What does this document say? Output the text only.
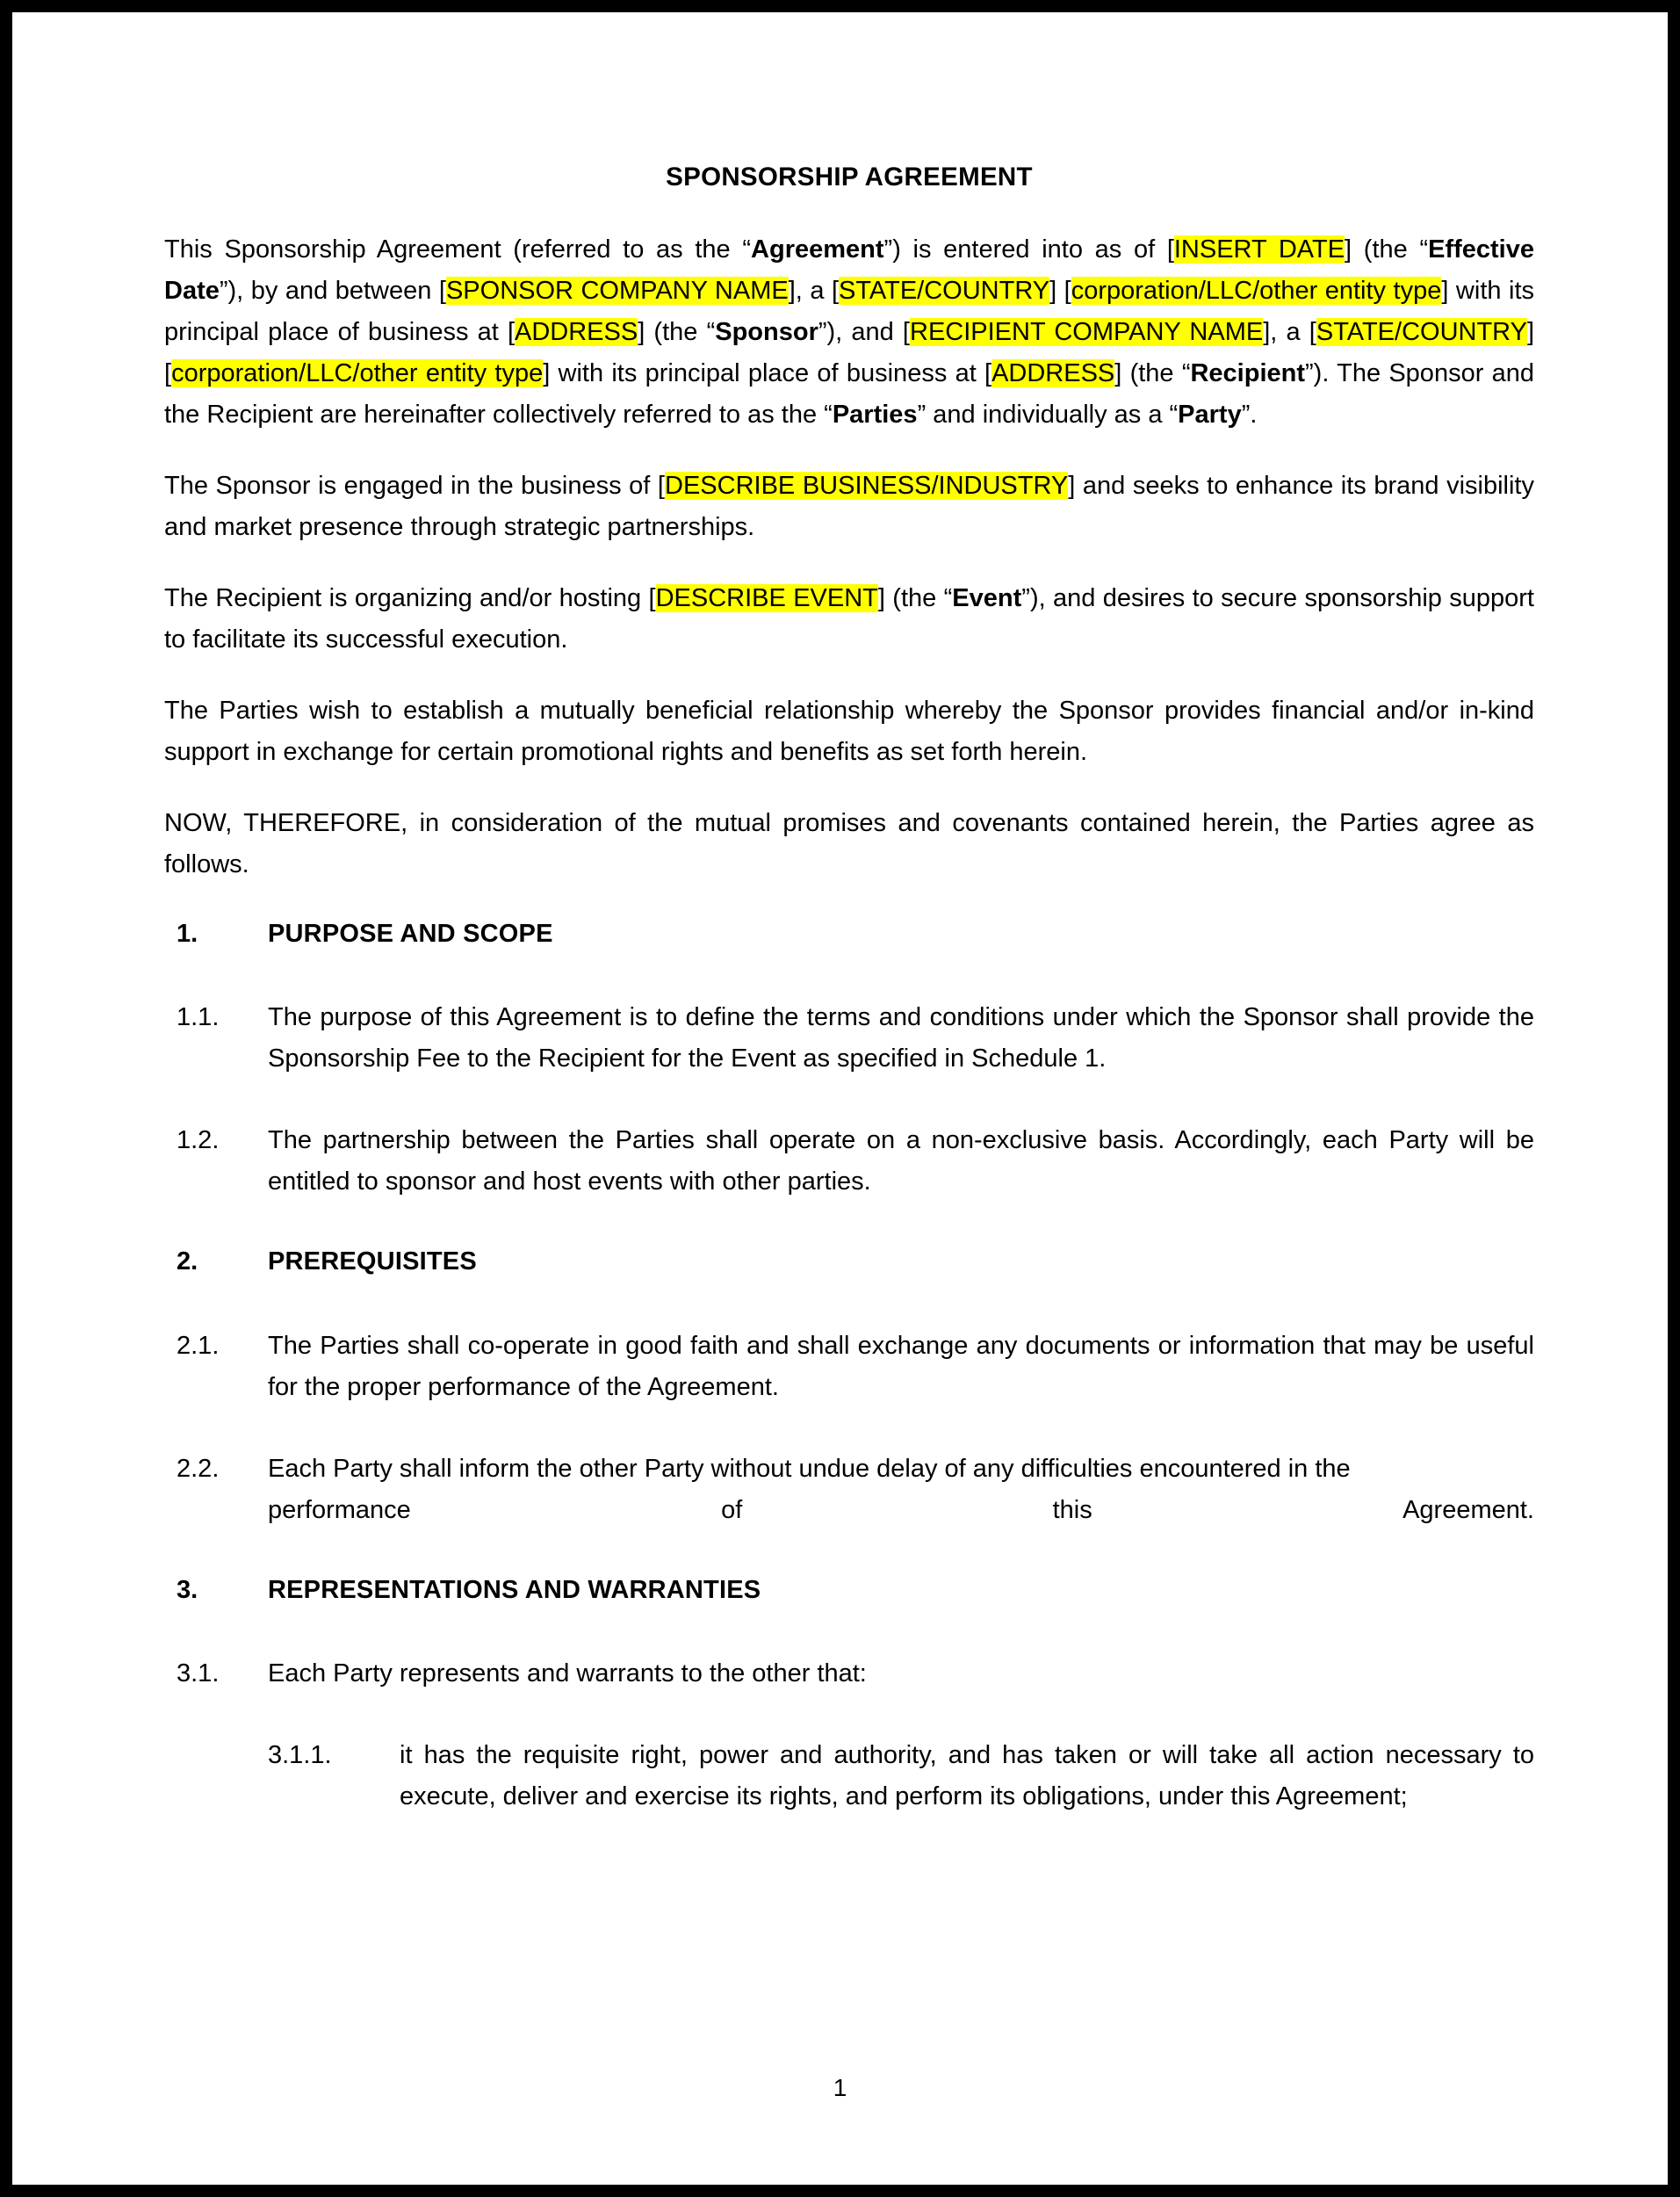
SPONSORSHIP AGREEMENT

This Sponsorship Agreement (referred to as the “Agreement”) is entered into as of [INSERT DATE] (the “Effective Date”), by and between [SPONSOR COMPANY NAME], a [STATE/COUNTRY] [corporation/LLC/other entity type] with its principal place of business at [ADDRESS] (the “Sponsor”), and [RECIPIENT COMPANY NAME], a [STATE/COUNTRY] [corporation/LLC/other entity type] with its principal place of business at [ADDRESS] (the “Recipient”). The Sponsor and the Recipient are hereinafter collectively referred to as the “Parties” and individually as a “Party”.

The Sponsor is engaged in the business of [DESCRIBE BUSINESS/INDUSTRY] and seeks to enhance its brand visibility and market presence through strategic partnerships.

The Recipient is organizing and/or hosting [DESCRIBE EVENT] (the “Event”), and desires to secure sponsorship support to facilitate its successful execution.

The Parties wish to establish a mutually beneficial relationship whereby the Sponsor provides financial and/or in-kind support in exchange for certain promotional rights and benefits as set forth herein.

NOW, THEREFORE, in consideration of the mutual promises and covenants contained herein, the Parties agree as follows.

1.	PURPOSE AND SCOPE
1.1.	The purpose of this Agreement is to define the terms and conditions under which the Sponsor shall provide the Sponsorship Fee to the Recipient for the Event as specified in Schedule 1.
1.2.	The partnership between the Parties shall operate on a non-exclusive basis. Accordingly, each Party will be entitled to sponsor and host events with other parties.
2.	PREREQUISITES
2.1.	The Parties shall co-operate in good faith and shall exchange any documents or information that may be useful for the proper performance of the Agreement.
2.2.	Each Party shall inform the other Party without undue delay of any difficulties encountered in the
performance	of	this	Agreement.
3.	REPRESENTATIONS AND WARRANTIES
3.1.	Each Party represents and warrants to the other that:
3.1.1.	it has the requisite right, power and authority, and has taken or will take all action necessary to execute, deliver and exercise its rights, and perform its obligations, under this Agreement;
1
